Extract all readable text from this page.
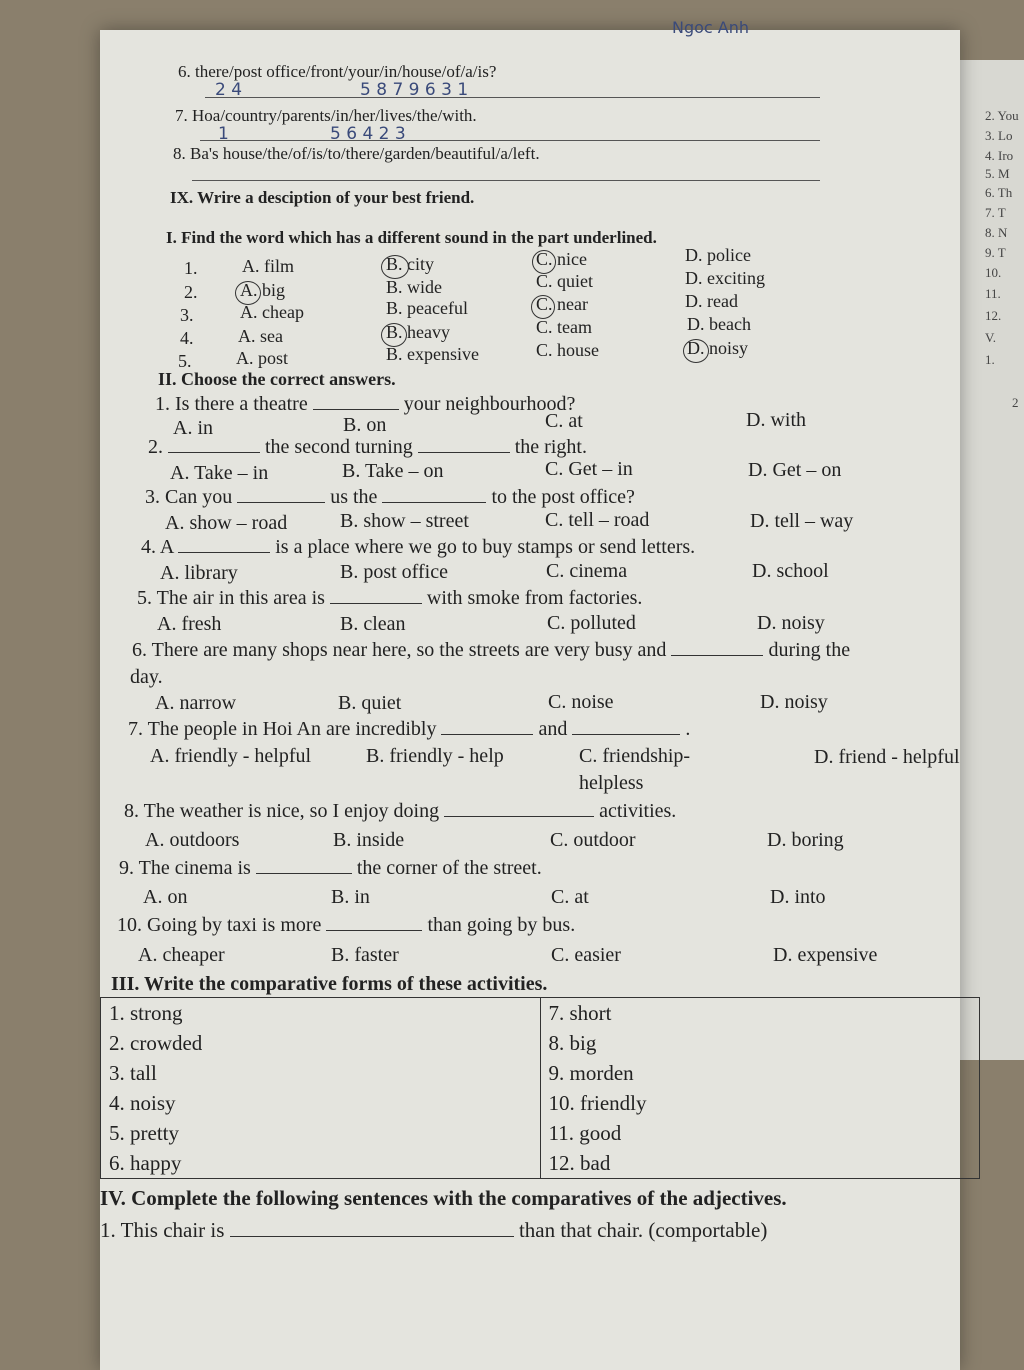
Ngoc Anh
6. there/post office/front/your/in/house/of/a/is?
2 4	5 8 7 9 6 3 1
7. Hoa/country/parents/in/her/lives/the/with.
1	5 6 4 2 3
8. Ba's house/the/of/is/to/there/garden/beautiful/a/left.
IX. Wrire a desciption of your best friend.
I. Find the word which has a different sound in the part underlined.
1. A. film	B. city	C. nice	D. police
2. A. big	B. wide	C. quiet	D. exciting
3.	A. cheap	B. peaceful	C. near	D. read
4. A. sea	B. heavy	C. team	D. beach
5. A. post	B. expensive	C. house	D. noisy
II. Choose the correct answers.
1. Is there a theatre	your neighbourhood?
A. in	B. on	C. at	D. with
2.	the second turning	the right.
A. Take – in	B. Take – on	C. Get – in	D. Get – on
3. Can you	us the	to the post office?
A. show – road	B. show – street	C. tell – road	D. tell – way
4. A	is a place where we go to buy stamps or send letters.
A. library	B. post office	C. cinema	D. school
5. The air in this area is	with smoke from factories.
A. fresh	B. clean	C. polluted	D. noisy
6. There are many shops near here, so the streets are very busy and	during the
day.
A. narrow	B. quiet	C. noise	D. noisy
7. The people in Hoi An are incredibly	and	.
A. friendly - helpful	B. friendly - help	C. friendship-
helpless
D. friend - helpful
8. The weather is nice, so I enjoy doing	activities.
A. outdoors	B. inside	C. outdoor	D. boring
9. The cinema is	the corner of the street.
A. on	B. in	C. at	D. into
10. Going by taxi is more	than going by bus.
A. cheaper	B. faster	C. easier	D. expensive
III. Write the comparative forms of these activities.
1. strong	7. short
2. crowded	8. big
3. tall	9. morden
4. noisy	10. friendly
5. pretty	11. good
6. happy	12. bad
IV. Complete the following sentences with the comparatives of the adjectives.
1. This chair is	than that chair. (comportable)
2. You
3. Lo
4. Iro
5. M
6. Th
7. T
8. N
9. T
10.
11.
12.
V.
1.
2
